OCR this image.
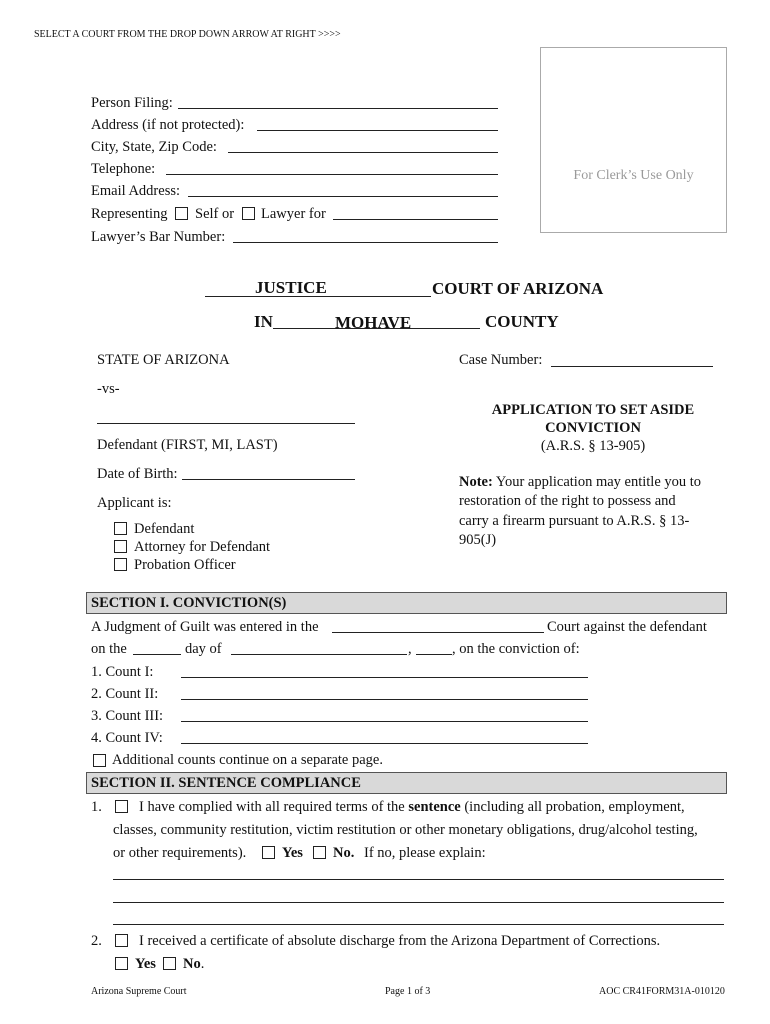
SELECT A COURT FROM THE DROP DOWN ARROW AT RIGHT >>>>
For Clerk’s Use Only
Person Filing:
Address (if not protected):
City, State, Zip Code:
Telephone:
Email Address:
Representing Self or Lawyer for
Lawyer’s Bar Number:
JUSTICE	COURT OF ARIZONA
IN	MOHAVE	COUNTY
STATE OF ARIZONA
-vs-
Defendant (FIRST, MI, LAST)
Date of Birth:
Applicant is:
Defendant
Attorney for Defendant
Probation Officer
Case Number:
APPLICATION TO SET ASIDE
CONVICTION
(A.R.S. § 13-905)
Note: Your application may entitle you to
restoration of the right to possess and
carry a firearm pursuant to A.R.S. § 13-
905(J)
SECTION I. CONVICTION(S)
A Judgment of Guilt was entered in the	Court against the defendant
on the	day of	,	, on the conviction of:
1. Count I:
2. Count II:
3. Count III:
4. Count IV:
Additional counts continue on a separate page.
SECTION II. SENTENCE COMPLIANCE
1.	I have complied with all required terms of the sentence (including all probation, employment,
classes, community restitution, victim restitution or other monetary obligations, drug/alcohol testing,
or other requirements). Yes No. If no, please explain:
2.	I received a certificate of absolute discharge from the Arizona Department of Corrections.
Yes No.
Arizona Supreme Court	Page 1 of 3	AOC CR41FORM31A-010120
